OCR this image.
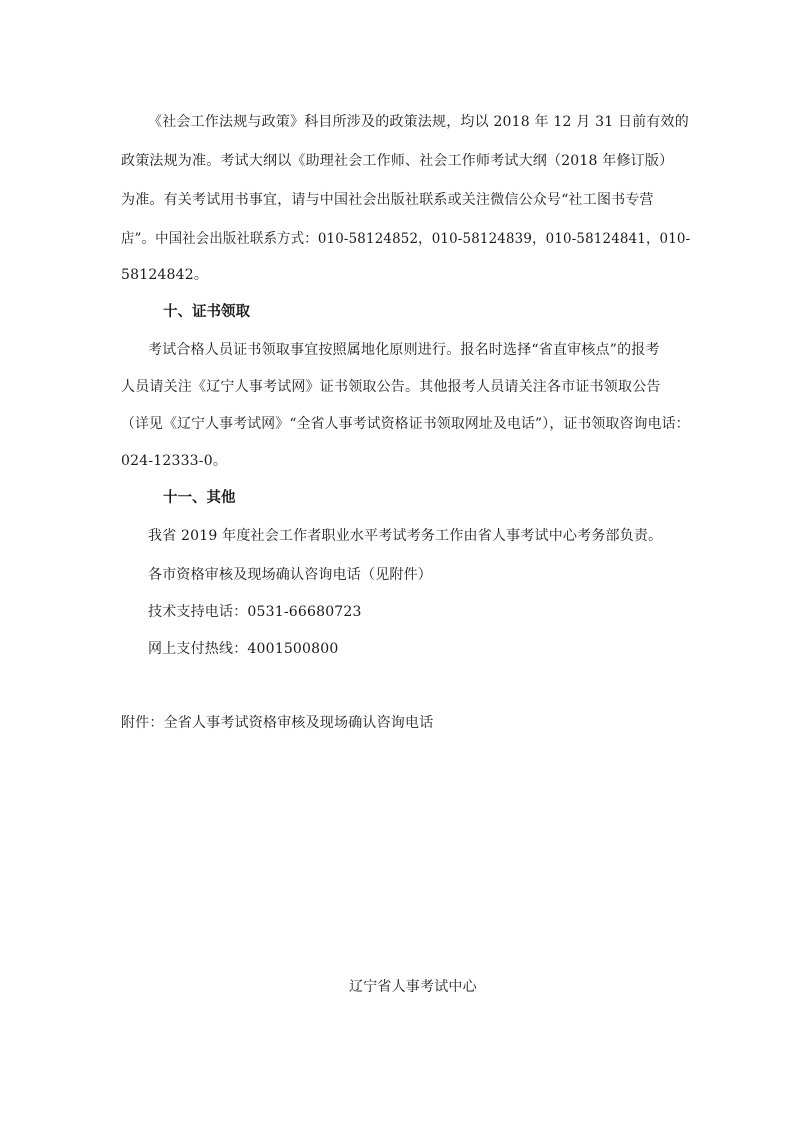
《社会工作法规与政策》科目所涉及的政策法规，均以 2018 年 12 月 31 日前有效的
政策法规为准。考试大纲以《助理社会工作师、社会工作师考试大纲（2018 年修订版）
为准。有关考试用书事宜，请与中国社会出版社联系或关注微信公众号“社工图书专营
店”。中国社会出版社联系方式：010-58124852，010-58124839，010-58124841，010-
58124842。
十、证书领取
考试合格人员证书领取事宜按照属地化原则进行。报名时选择“省直审核点”的报考
人员请关注《辽宁人事考试网》证书领取公告。其他报考人员请关注各市证书领取公告
（详见《辽宁人事考试网》“全省人事考试资格证书领取网址及电话”），证书领取咨询电话：
024-12333-0。
十一、其他
我省 2019 年度社会工作者职业水平考试考务工作由省人事考试中心考务部负责。
各市资格审核及现场确认咨询电话（见附件）
技术支持电话：0531-66680723
网上支付热线：4001500800
附件：全省人事考试资格审核及现场确认咨询电话
辽宁省人事考试中心
